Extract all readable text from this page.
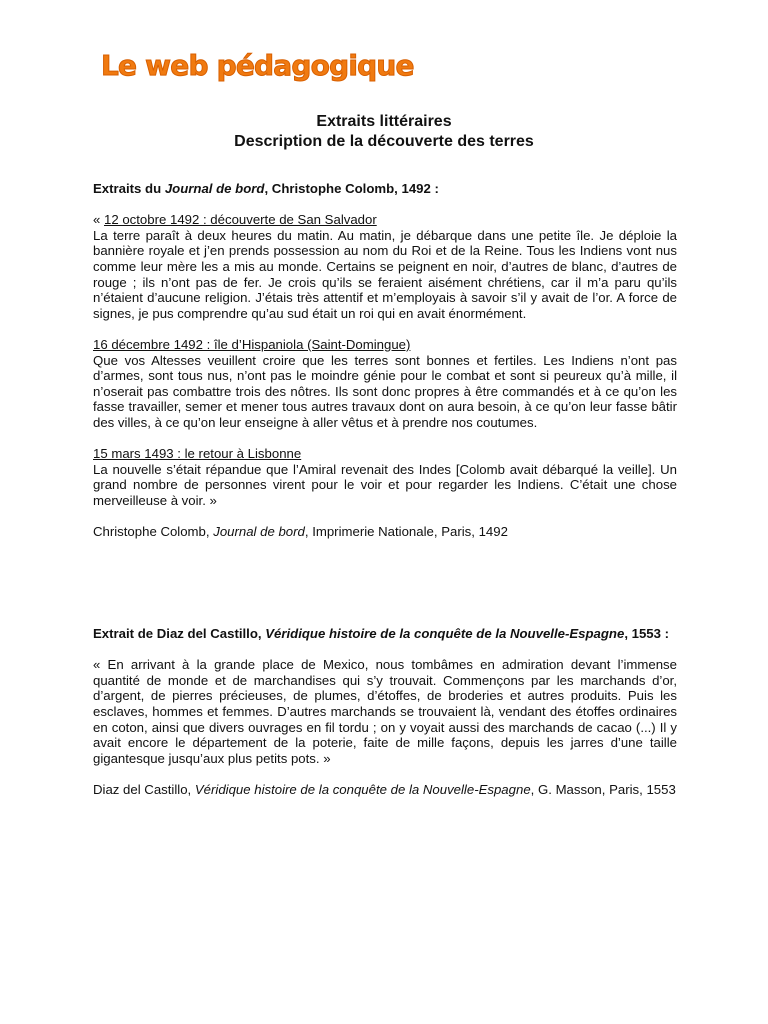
Le web pédagogique
Extraits littéraires
Description de la découverte des terres

Extraits du Journal de bord, Christophe Colomb, 1492 :

« 12 octobre 1492 : découverte de San Salvador

La terre paraît à deux heures du matin. Au matin, je débarque dans une petite île. Je déploie la bannière royale et j’en prends possession au nom du Roi et de la Reine. Tous les Indiens vont nus comme leur mère les a mis au monde. Certains se peignent en noir, d’autres de blanc, d’autres de rouge ; ils n’ont pas de fer. Je crois qu’ils se feraient aisément chrétiens, car il m’a paru qu’ils n’étaient d’aucune religion. J’étais très attentif et m’employais à savoir s’il y avait de l’or. A force de signes, je pus comprendre qu’au sud était un roi qui en avait énormément.

16 décembre 1492 : île d’Hispaniola (Saint-Domingue)

Que vos Altesses veuillent croire que les terres sont bonnes et fertiles. Les Indiens n’ont pas d’armes, sont tous nus, n’ont pas le moindre génie pour le combat et sont si peureux qu’à mille, il n’oserait pas combattre trois des nôtres. Ils sont donc propres à être commandés et à ce qu’on les fasse travailler, semer et mener tous autres travaux dont on aura besoin, à ce qu’on leur fasse bâtir des villes, à ce qu’on leur enseigne à aller vêtus et à prendre nos coutumes.

15 mars 1493 : le retour à Lisbonne

La nouvelle s’était répandue que l’Amiral revenait des Indes [Colomb avait débarqué la veille]. Un grand nombre de personnes virent pour le voir et pour regarder les Indiens. C’était une chose merveilleuse à voir. »

Christophe Colomb, Journal de bord, Imprimerie Nationale, Paris, 1492

Extrait de Diaz del Castillo, Véridique histoire de la conquête de la Nouvelle-Espagne, 1553 :

« En arrivant à la grande place de Mexico, nous tombâmes en admiration devant l’immense quantité de monde et de marchandises qui s’y trouvait. Commençons par les marchands d’or, d’argent, de pierres précieuses, de plumes, d’étoffes, de broderies et autres produits. Puis les esclaves, hommes et femmes. D’autres marchands se trouvaient là, vendant des étoffes ordinaires en coton, ainsi que divers ouvrages en fil tordu ; on y voyait aussi des marchands de cacao (...) Il y avait encore le département de la poterie, faite de mille façons, depuis les jarres d’une taille gigantesque jusqu’aux plus petits pots. »

Diaz del Castillo, Véridique histoire de la conquête de la Nouvelle-Espagne, G. Masson, Paris, 1553
